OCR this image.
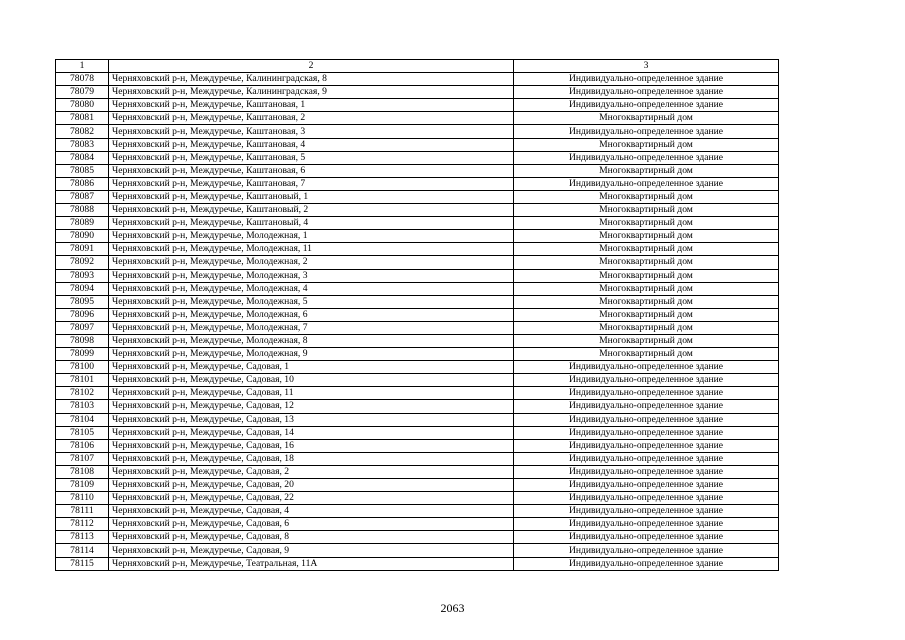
1	2	3
78078	Черняховский р-н, Междуречье, Калининградская, 8	Индивидуально-определенное здание
78079	Черняховский р-н, Междуречье, Калининградская, 9	Индивидуально-определенное здание
78080	Черняховский р-н, Междуречье, Каштановая, 1	Индивидуально-определенное здание
78081	Черняховский р-н, Междуречье, Каштановая, 2	Многоквартирный дом
78082	Черняховский р-н, Междуречье, Каштановая, 3	Индивидуально-определенное здание
78083	Черняховский р-н, Междуречье, Каштановая, 4	Многоквартирный дом
78084	Черняховский р-н, Междуречье, Каштановая, 5	Индивидуально-определенное здание
78085	Черняховский р-н, Междуречье, Каштановая, 6	Многоквартирный дом
78086	Черняховский р-н, Междуречье, Каштановая, 7	Индивидуально-определенное здание
78087	Черняховский р-н, Междуречье, Каштановый, 1	Многоквартирный дом
78088	Черняховский р-н, Междуречье, Каштановый, 2	Многоквартирный дом
78089	Черняховский р-н, Междуречье, Каштановый, 4	Многоквартирный дом
78090	Черняховский р-н, Междуречье, Молодежная, 1	Многоквартирный дом
78091	Черняховский р-н, Междуречье, Молодежная, 11	Многоквартирный дом
78092	Черняховский р-н, Междуречье, Молодежная, 2	Многоквартирный дом
78093	Черняховский р-н, Междуречье, Молодежная, 3	Многоквартирный дом
78094	Черняховский р-н, Междуречье, Молодежная, 4	Многоквартирный дом
78095	Черняховский р-н, Междуречье, Молодежная, 5	Многоквартирный дом
78096	Черняховский р-н, Междуречье, Молодежная, 6	Многоквартирный дом
78097	Черняховский р-н, Междуречье, Молодежная, 7	Многоквартирный дом
78098	Черняховский р-н, Междуречье, Молодежная, 8	Многоквартирный дом
78099	Черняховский р-н, Междуречье, Молодежная, 9	Многоквартирный дом
78100	Черняховский р-н, Междуречье, Садовая, 1	Индивидуально-определенное здание
78101	Черняховский р-н, Междуречье, Садовая, 10	Индивидуально-определенное здание
78102	Черняховский р-н, Междуречье, Садовая, 11	Индивидуально-определенное здание
78103	Черняховский р-н, Междуречье, Садовая, 12	Индивидуально-определенное здание
78104	Черняховский р-н, Междуречье, Садовая, 13	Индивидуально-определенное здание
78105	Черняховский р-н, Междуречье, Садовая, 14	Индивидуально-определенное здание
78106	Черняховский р-н, Междуречье, Садовая, 16	Индивидуально-определенное здание
78107	Черняховский р-н, Междуречье, Садовая, 18	Индивидуально-определенное здание
78108	Черняховский р-н, Междуречье, Садовая, 2	Индивидуально-определенное здание
78109	Черняховский р-н, Междуречье, Садовая, 20	Индивидуально-определенное здание
78110	Черняховский р-н, Междуречье, Садовая, 22	Индивидуально-определенное здание
78111	Черняховский р-н, Междуречье, Садовая, 4	Индивидуально-определенное здание
78112	Черняховский р-н, Междуречье, Садовая, 6	Индивидуально-определенное здание
78113	Черняховский р-н, Междуречье, Садовая, 8	Индивидуально-определенное здание
78114	Черняховский р-н, Междуречье, Садовая, 9	Индивидуально-определенное здание
78115	Черняховский р-н, Междуречье, Театральная, 11А	Индивидуально-определенное здание
2063
